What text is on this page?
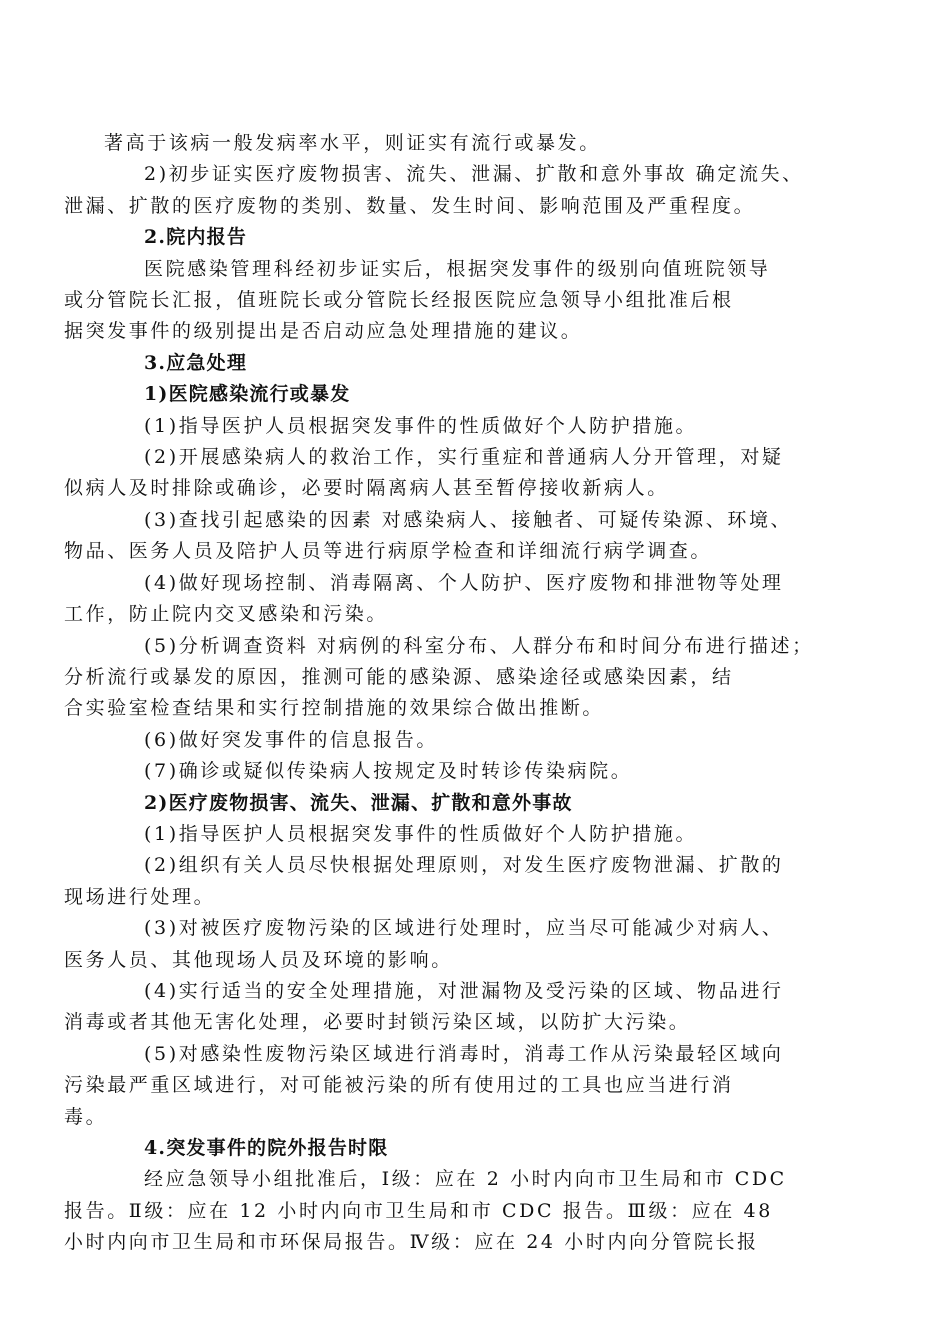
著高于该病一般发病率水平，则证实有流行或暴发。
2)初步证实医疗废物损害、流失、泄漏、扩散和意外事故 确定流失、
泄漏、扩散的医疗废物的类别、数量、发生时间、影响范围及严重程度。
2.院内报告
医院感染管理科经初步证实后，根据突发事件的级别向值班院领导
或分管院长汇报，值班院长或分管院长经报医院应急领导小组批准后根
据突发事件的级别提出是否启动应急处理措施的建议。
3.应急处理
1)医院感染流行或暴发
(1)指导医护人员根据突发事件的性质做好个人防护措施。
(2)开展感染病人的救治工作，实行重症和普通病人分开管理，对疑
似病人及时排除或确诊，必要时隔离病人甚至暂停接收新病人。
(3)查找引起感染的因素 对感染病人、接触者、可疑传染源、环境、
物品、医务人员及陪护人员等进行病原学检查和详细流行病学调查。
(4)做好现场控制、消毒隔离、个人防护、医疗废物和排泄物等处理
工作，防止院内交叉感染和污染。
(5)分析调查资料 对病例的科室分布、人群分布和时间分布进行描述；
分析流行或暴发的原因，推测可能的感染源、感染途径或感染因素，结
合实验室检查结果和实行控制措施的效果综合做出推断。
(6)做好突发事件的信息报告。
(7)确诊或疑似传染病人按规定及时转诊传染病院。
2)医疗废物损害、流失、泄漏、扩散和意外事故
(1)指导医护人员根据突发事件的性质做好个人防护措施。
(2)组织有关人员尽快根据处理原则，对发生医疗废物泄漏、扩散的
现场进行处理。
(3)对被医疗废物污染的区域进行处理时，应当尽可能减少对病人、
医务人员、其他现场人员及环境的影响。
(4)实行适当的安全处理措施，对泄漏物及受污染的区域、物品进行
消毒或者其他无害化处理，必要时封锁污染区域，以防扩大污染。
(5)对感染性废物污染区域进行消毒时，消毒工作从污染最轻区域向
污染最严重区域进行，对可能被污染的所有使用过的工具也应当进行消
毒。
4.突发事件的院外报告时限
经应急领导小组批准后，Ⅰ级：应在 2 小时内向市卫生局和市 CDC
报告。Ⅱ级：应在 12 小时内向市卫生局和市 CDC 报告。Ⅲ级：应在 48
小时内向市卫生局和市环保局报告。Ⅳ级：应在 24 小时内向分管院长报
